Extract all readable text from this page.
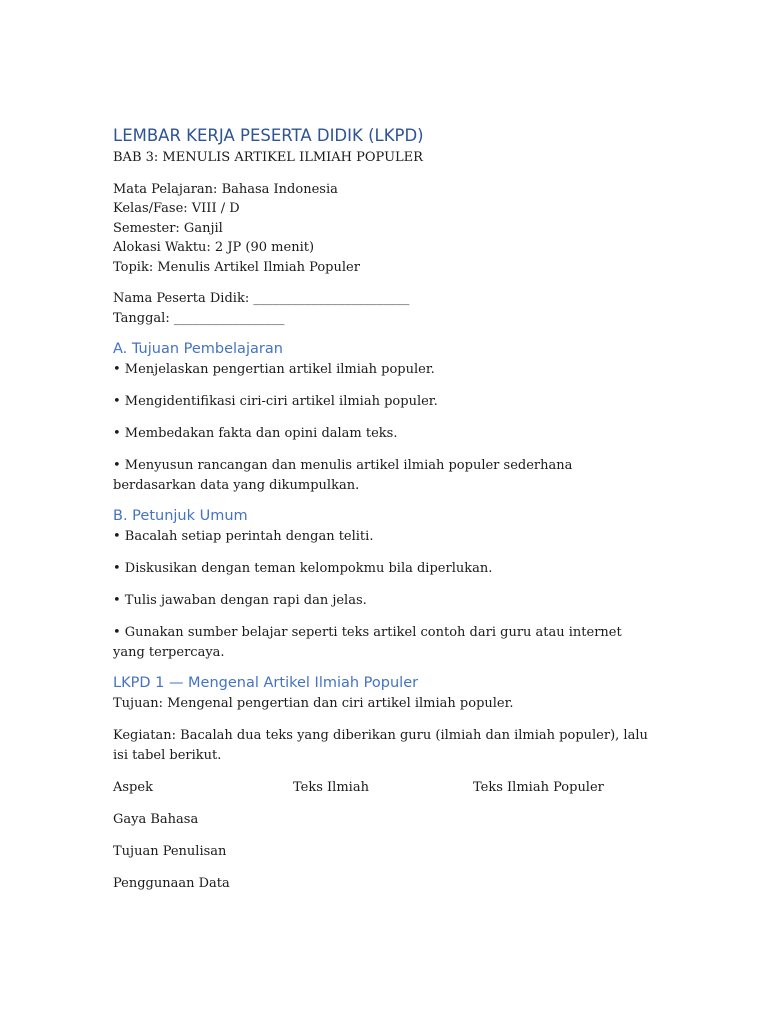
LEMBAR KERJA PESERTA DIDIK (LKPD)
BAB 3: MENULIS ARTIKEL ILMIAH POPULER
Mata Pelajaran: Bahasa Indonesia
Kelas/Fase: VIII / D
Semester: Ganjil
Alokasi Waktu: 2 JP (90 menit)
Topik: Menulis Artikel Ilmiah Populer
Nama Peserta Didik: ________________________
Tanggal: _________________
A. Tujuan Pembelajaran

• Menjelaskan pengertian artikel ilmiah populer.

• Mengidentifikasi ciri-ciri artikel ilmiah populer.

• Membedakan fakta dan opini dalam teks.

• Menyusun rancangan dan menulis artikel ilmiah populer sederhana berdasarkan data yang dikumpulkan.

B. Petunjuk Umum

• Bacalah setiap perintah dengan teliti.

• Diskusikan dengan teman kelompokmu bila diperlukan.

• Tulis jawaban dengan rapi dan jelas.

• Gunakan sumber belajar seperti teks artikel contoh dari guru atau internet yang terpercaya.

LKPD 1 — Mengenal Artikel Ilmiah Populer

Tujuan: Mengenal pengertian dan ciri artikel ilmiah populer.

Kegiatan: Bacalah dua teks yang diberikan guru (ilmiah dan ilmiah populer), lalu isi tabel berikut.

Aspek	Teks Ilmiah	Teks Ilmiah Populer
Gaya Bahasa
Tujuan Penulisan
Penggunaan Data
